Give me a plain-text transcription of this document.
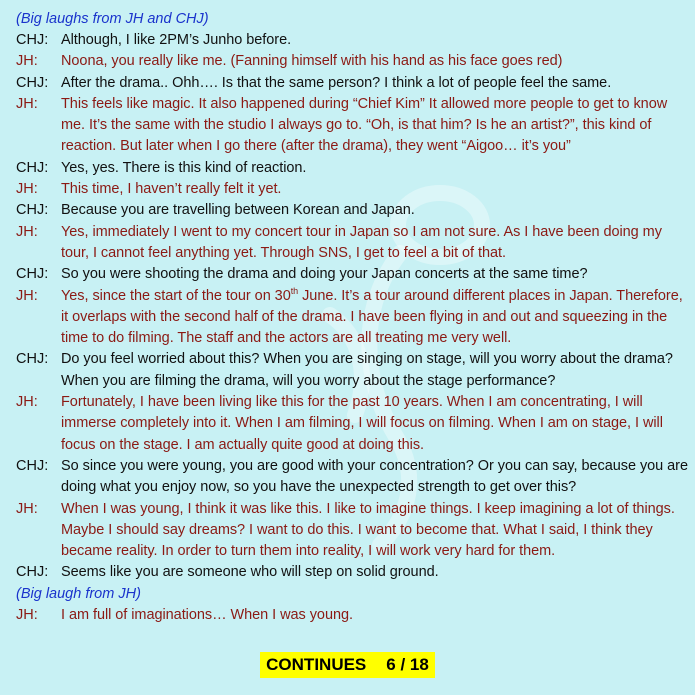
(Big laughs from JH and CHJ)
CHJ: Although, I like 2PM’s Junho before.
JH:	Noona, you really like me. (Fanning himself with his hand as his face goes red)
CHJ: After the drama.. Ohh…. Is that the same person? I think a lot of people feel the same.
JH:	This feels like magic. It also happened during “Chief Kim” It allowed more people to get to know me. It’s the same with the studio I always go to. “Oh, is that him? Is he an artist?”, this kind of reaction. But later when I go there (after the drama), they went “Aigoo… it’s you”
CHJ: Yes, yes. There is this kind of reaction.
JH:	This time, I haven’t really felt it yet.
CHJ: Because you are travelling between Korean and Japan.
JH:	Yes, immediately I went to my concert tour in Japan so I am not sure. As I have been doing my tour, I cannot feel anything yet. Through SNS, I get to feel a bit of that.
CHJ: So you were shooting the drama and doing your Japan concerts at the same time?
JH:	Yes, since the start of the tour on 30th June. It’s a tour around different places in Japan. Therefore, it overlaps with the second half of the drama. I have been flying in and out and squeezing in the time to do filming. The staff and the actors are all treating me very well.
CHJ: Do you feel worried about this? When you are singing on stage, will you worry about the drama? When you are filming the drama, will you worry about the stage performance?
JH:	Fortunately, I have been living like this for the past 10 years. When I am concentrating, I will immerse completely into it. When I am filming, I will focus on filming. When I am on stage, I will focus on the stage. I am actually quite good at doing this.
CHJ: So since you were young, you are good with your concentration? Or you can say, because you are doing what you enjoy now, so you have the unexpected strength to get over this?
JH:	When I was young, I think it was like this. I like to imagine things. I keep imagining a lot of things. Maybe I should say dreams? I want to do this. I want to become that. What I said, I think they became reality. In order to turn them into reality, I will work very hard for them.
CHJ: Seems like you are someone who will step on solid ground.
(Big laugh from JH)
JH:	I am full of imaginations… When I was young.
CONTINUES 6 / 18
